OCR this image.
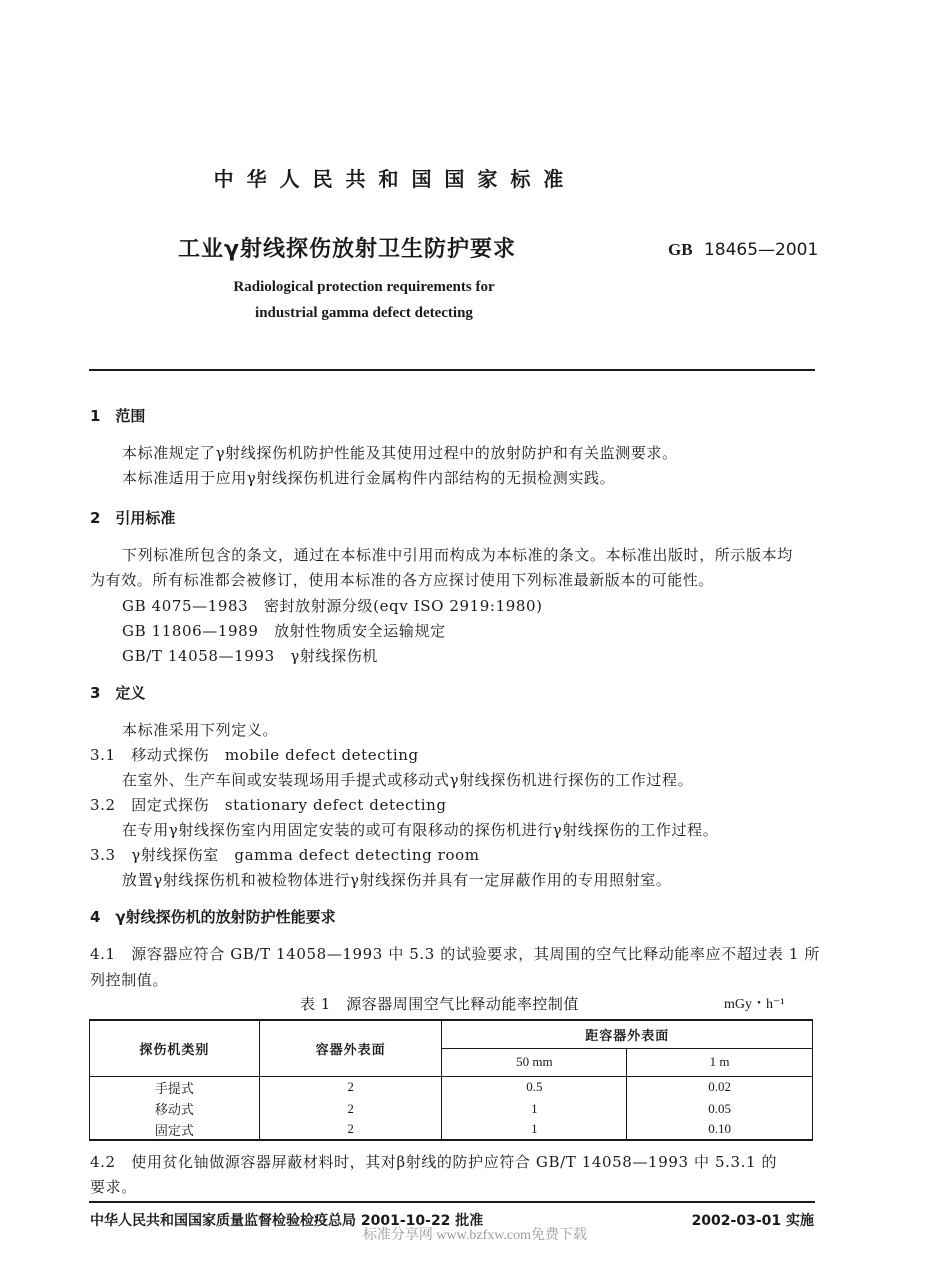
中 华 人 民 共 和 国 国 家 标 准
工业γ射线探伤放射卫生防护要求	GB 18465—2001
Radiological protection requirements for
industrial gamma defect detecting
1　范围
本标准规定了γ射线探伤机防护性能及其使用过程中的放射防护和有关监测要求。
本标准适用于应用γ射线探伤机进行金属构件内部结构的无损检测实践。
2　引用标准
下列标准所包含的条文，通过在本标准中引用而构成为本标准的条文。本标准出版时，所示版本均
为有效。所有标准都会被修订，使用本标准的各方应探讨使用下列标准最新版本的可能性。
GB 4075—1983　密封放射源分级(eqv ISO 2919:1980)
GB 11806—1989　放射性物质安全运输规定
GB/T 14058—1993　γ射线探伤机
3　定义
本标准采用下列定义。
3.1　移动式探伤　mobile defect detecting
在室外、生产车间或安装现场用手提式或移动式γ射线探伤机进行探伤的工作过程。
3.2　固定式探伤　stationary defect detecting
在专用γ射线探伤室内用固定安装的或可有限移动的探伤机进行γ射线探伤的工作过程。
3.3　γ射线探伤室　gamma defect detecting room
放置γ射线探伤机和被检物体进行γ射线探伤并具有一定屏蔽作用的专用照射室。
4　γ射线探伤机的放射防护性能要求
4.1　源容器应符合 GB/T 14058—1993 中 5.3 的试验要求，其周围的空气比释动能率应不超过表 1 所
列控制值。
表 1　源容器周围空气比释动能率控制值	mGy・h⁻¹
探伤机类别	容器外表面	距容器外表面	
		50 mm	1 m
手提式	2	0.5	0.02
移动式	2	1	0.05
固定式	2	1	0.10
4.2　使用贫化铀做源容器屏蔽材料时，其对β射线的防护应符合 GB/T 14058—1993 中 5.3.1 的
要求。
中华人民共和国国家质量监督检验检疫总局 2001-10-22 批准	2002-03-01 实施
标准分享网 www.bzfxw.com免费下载
